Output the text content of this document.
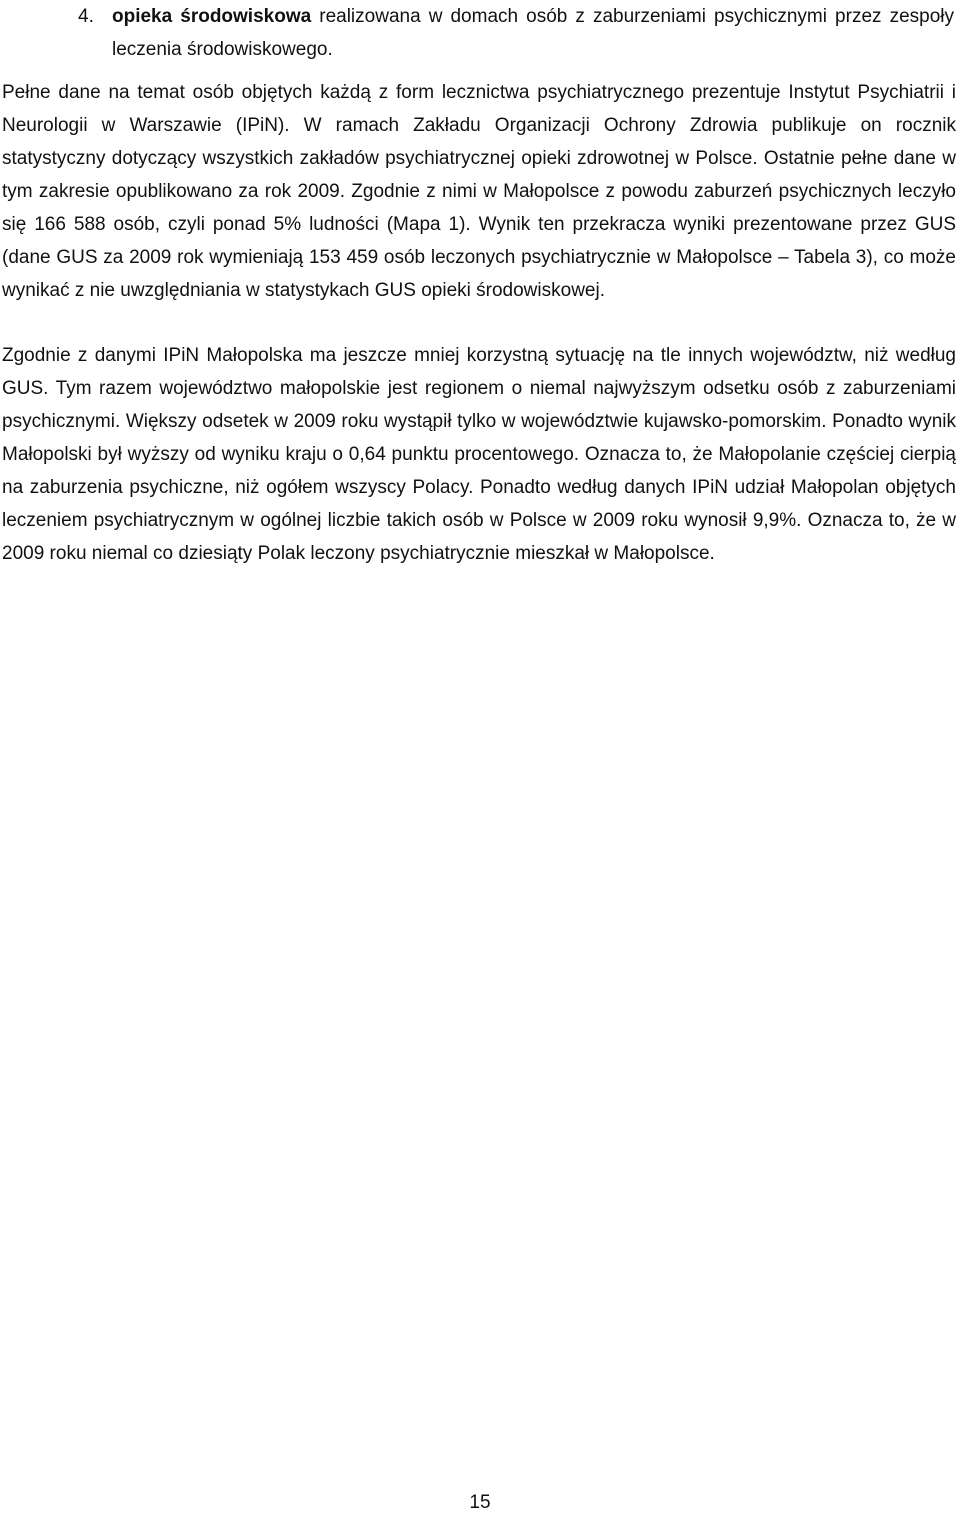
4. opieka środowiskowa realizowana w domach osób z zaburzeniami psychicznymi przez zespoły leczenia środowiskowego.

Pełne dane na temat osób objętych każdą z form lecznictwa psychiatrycznego prezentuje Instytut Psychiatrii i Neurologii w Warszawie (IPiN). W ramach Zakładu Organizacji Ochrony Zdrowia publikuje on rocznik statystyczny dotyczący wszystkich zakładów psychiatrycznej opieki zdrowotnej w Polsce. Ostatnie pełne dane w tym zakresie opublikowano za rok 2009. Zgodnie z nimi w Małopolsce z powodu zaburzeń psychicznych leczyło się 166 588 osób, czyli ponad 5% ludności (Mapa 1). Wynik ten przekracza wyniki prezentowane przez GUS (dane GUS za 2009 rok wymieniają 153 459 osób leczonych psychiatrycznie w Małopolsce – Tabela 3), co może wynikać z nie uwzględniania w statystykach GUS opieki środowiskowej.

Zgodnie z danymi IPiN Małopolska ma jeszcze mniej korzystną sytuację na tle innych województw, niż według GUS. Tym razem województwo małopolskie jest regionem o niemal najwyższym odsetku osób z zaburzeniami psychicznymi. Większy odsetek w 2009 roku wystąpił tylko w województwie kujawsko-pomorskim. Ponadto wynik Małopolski był wyższy od wyniku kraju o 0,64 punktu procentowego. Oznacza to, że Małopolanie częściej cierpią na zaburzenia psychiczne, niż ogółem wszyscy Polacy. Ponadto według danych IPiN udział Małopolan objętych leczeniem psychiatrycznym w ogólnej liczbie takich osób w Polsce w 2009 roku wynosił 9,9%. Oznacza to, że w 2009 roku niemal co dziesiąty Polak leczony psychiatrycznie mieszkał w Małopolsce.

15
